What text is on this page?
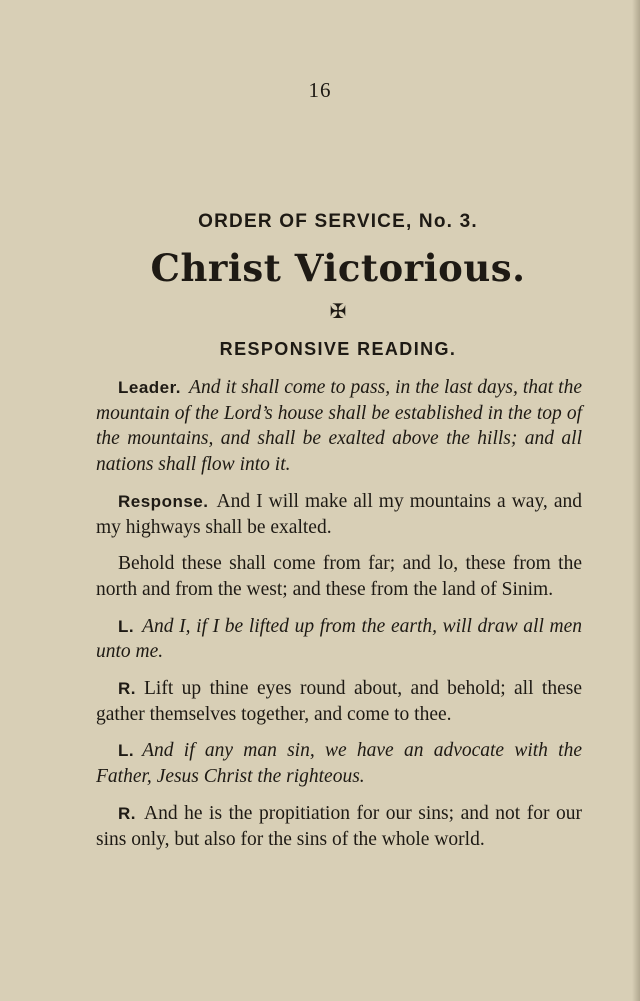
16
ORDER OF SERVICE, No. 3.
Christ Victorious.
✠
RESPONSIVE READING.

Leader. And it shall come to pass, in the last days, that the mountain of the Lord’s house shall be established in the top of the mountains, and shall be exalted above the hills; and all nations shall flow into it.

Response. And I will make all my mountains a way, and my highways shall be exalted.

Behold these shall come from far; and lo, these from the north and from the west; and these from the land of Sinim.

L. And I, if I be lifted up from the earth, will draw all men unto me.

R. Lift up thine eyes round about, and behold; all these gather themselves together, and come to thee.

L. And if any man sin, we have an advocate with the Father, Jesus Christ the righteous.

R. And he is the propitiation for our sins; and not for our sins only, but also for the sins of the whole world.
